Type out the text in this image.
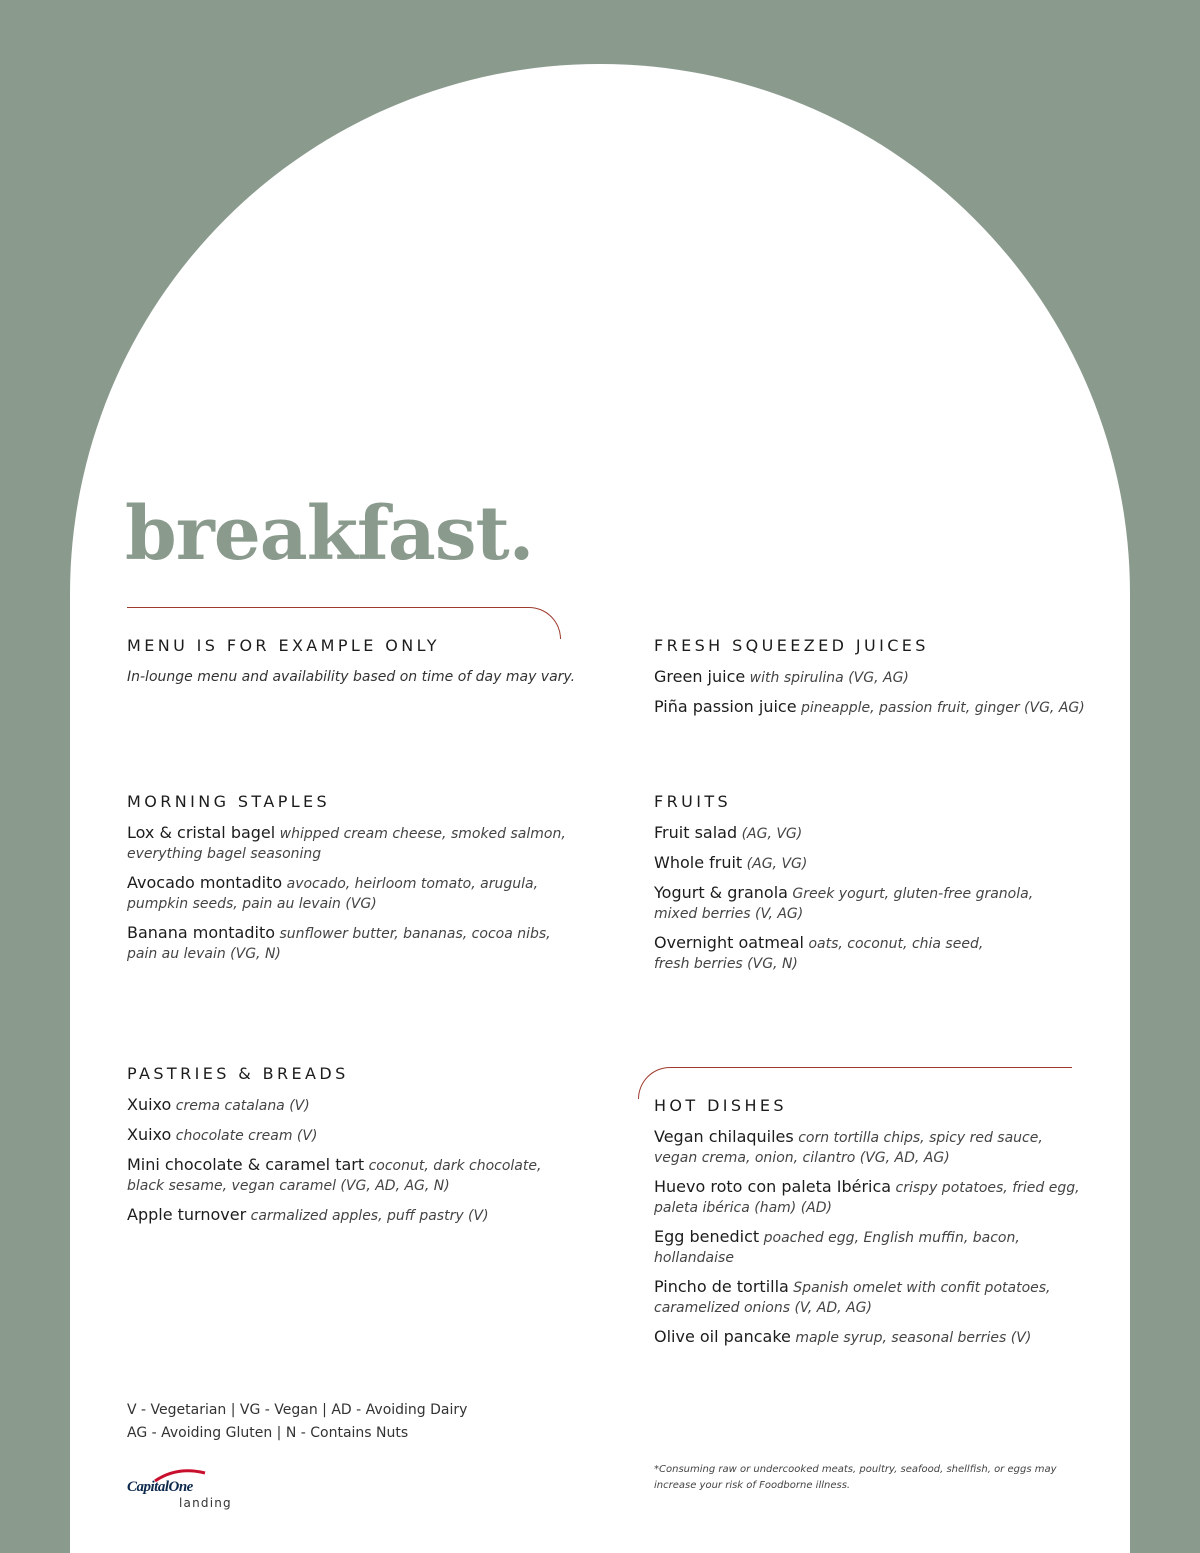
breakfast.
MENU IS FOR EXAMPLE ONLY

In-lounge menu and availability based on time of day may vary.

FRESH SQUEEZED JUICES
Green juice with spirulina (VG, AG)
Piña passion juice pineapple, passion fruit, ginger (VG, AG)
MORNING STAPLES
Lox & cristal bagel whipped cream cheese, smoked salmon,
everything bagel seasoning
Avocado montadito avocado, heirloom tomato, arugula,
pumpkin seeds, pain au levain (VG)
Banana montadito sunflower butter, bananas, cocoa nibs,
pain au levain (VG, N)
FRUITS
Fruit salad (AG, VG)
Whole fruit (AG, VG)
Yogurt & granola Greek yogurt, gluten-free granola,
mixed berries (V, AG)
Overnight oatmeal oats, coconut, chia seed,
fresh berries (VG, N)
PASTRIES & BREADS
Xuixo crema catalana (V)
Xuixo chocolate cream (V)
Mini chocolate & caramel tart coconut, dark chocolate,
black sesame, vegan caramel (VG, AD, AG, N)
Apple turnover carmalized apples, puff pastry (V)
HOT DISHES
Vegan chilaquiles corn tortilla chips, spicy red sauce,
vegan crema, onion, cilantro (VG, AD, AG)
Huevo roto con paleta Ibérica crispy potatoes, fried egg,
paleta ibérica (ham) (AD)
Egg benedict poached egg, English muffin, bacon, hollandaise
Pincho de tortilla Spanish omelet with confit potatoes,
caramelized onions (V, AD, AG)
Olive oil pancake maple syrup, seasonal berries (V)
V - Vegetarian | VG - Vegan | AD - Avoiding Dairy
AG - Avoiding Gluten | N - Contains Nuts
CapitalOne
landing
*Consuming raw or undercooked meats, poultry, seafood, shellfish, or eggs may increase your risk of Foodborne illness.
